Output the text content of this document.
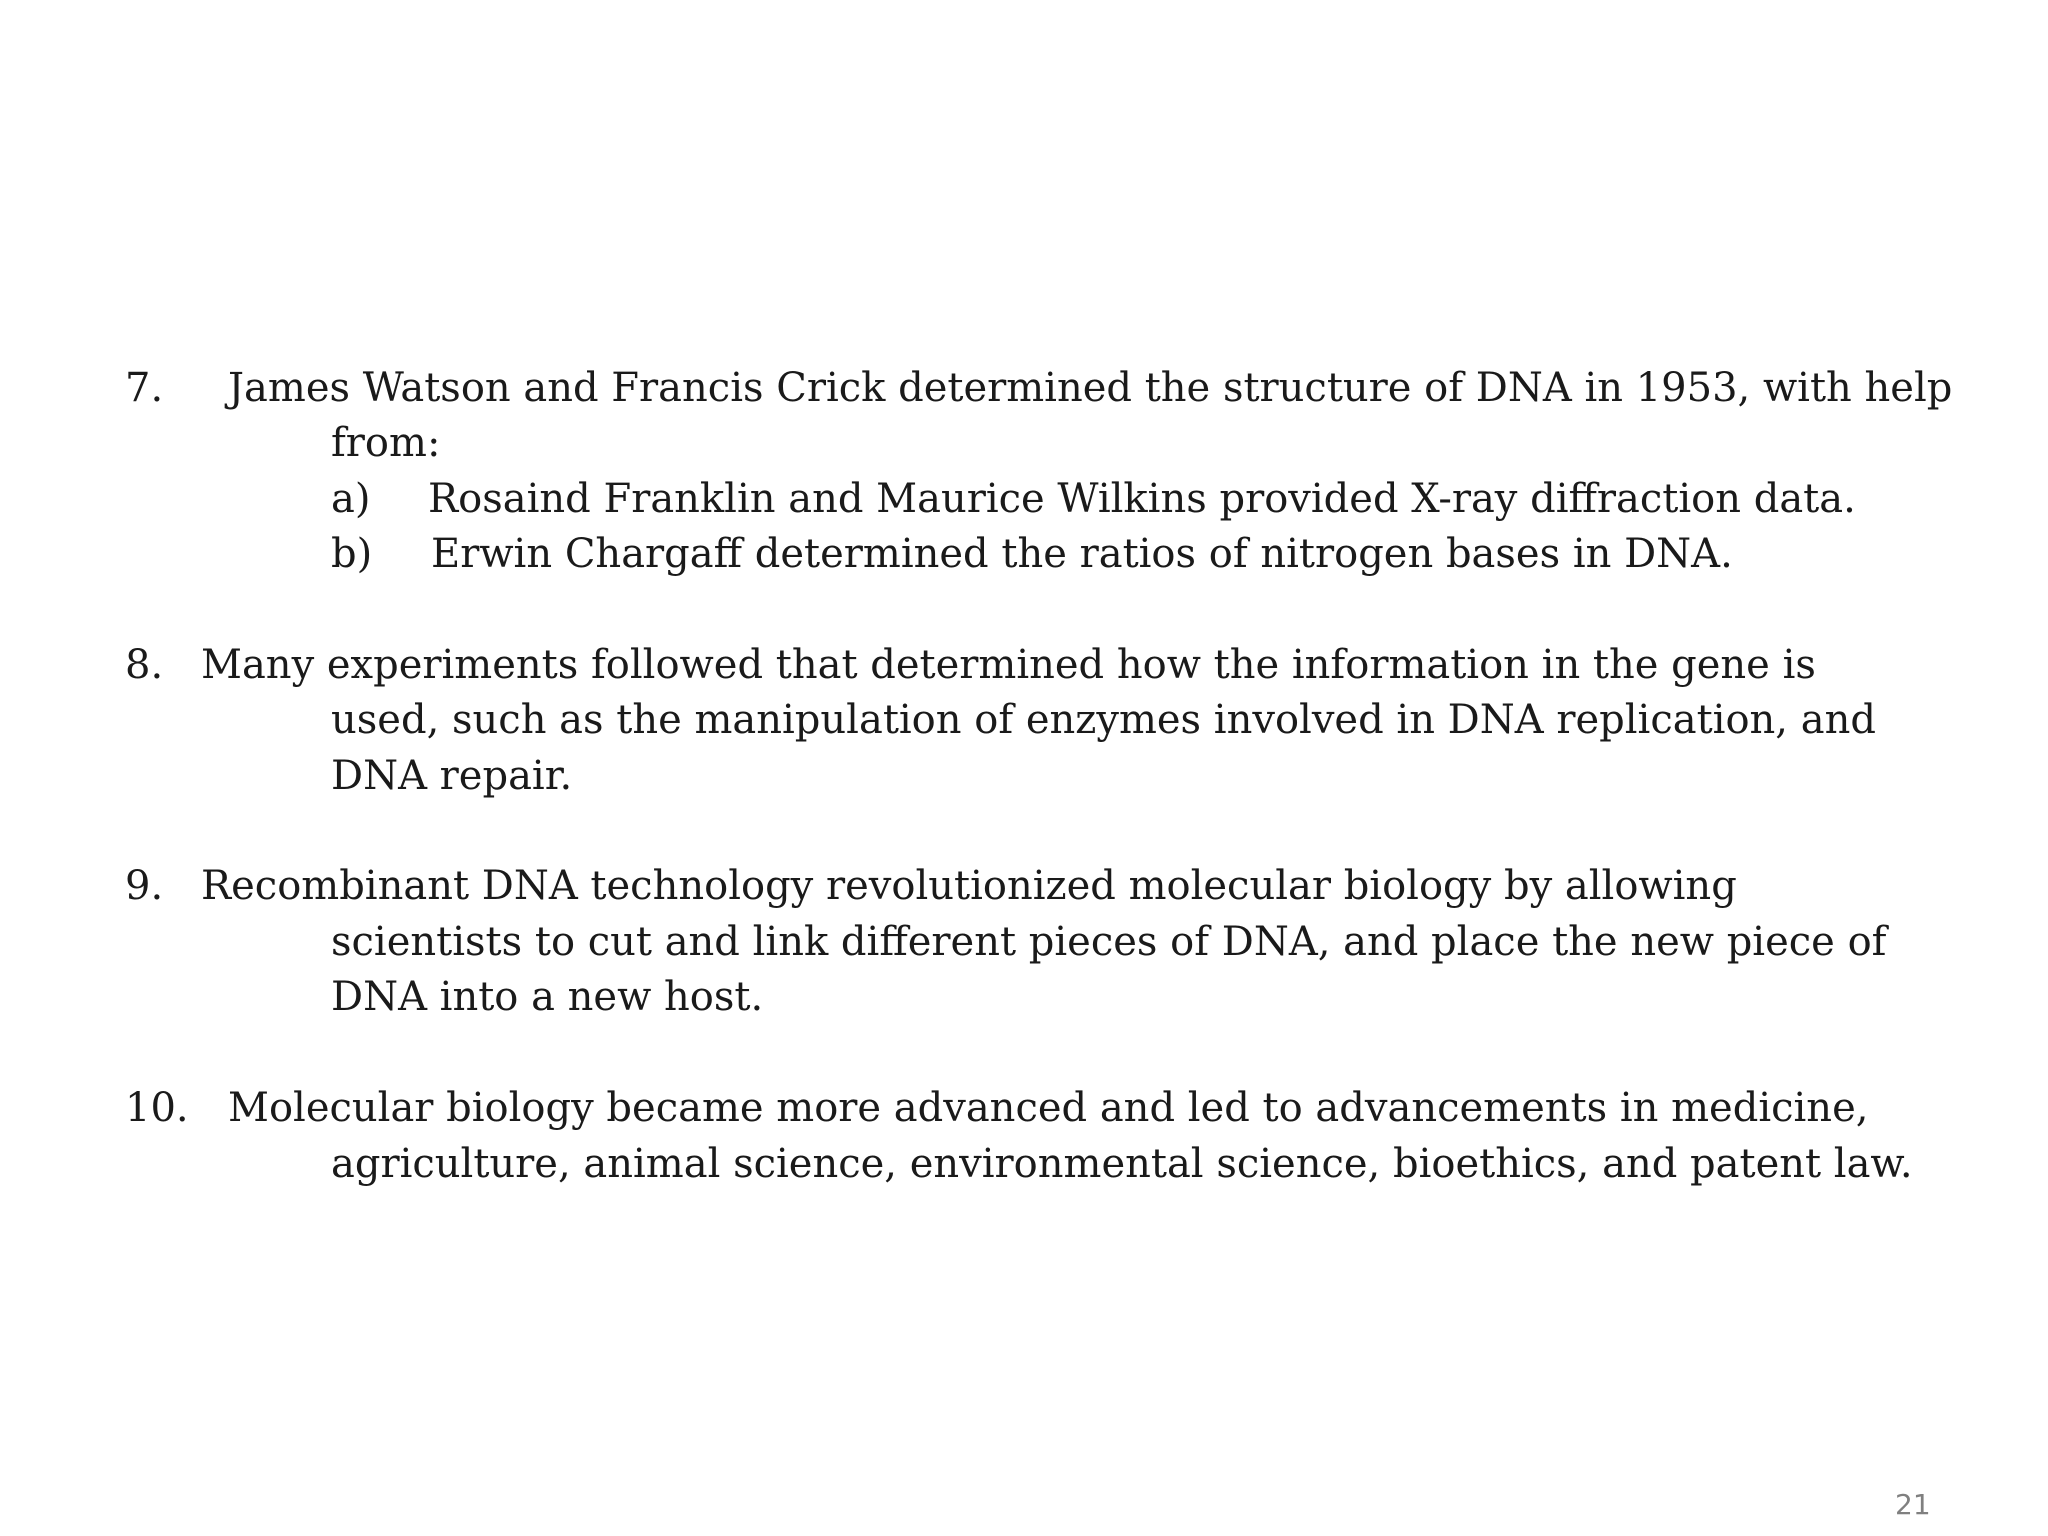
7. James Watson and Francis Crick determined the structure of DNA in 1953, with help
from:
a) Rosaind Franklin and Maurice Wilkins provided X-ray diffraction data.
b) Erwin Chargaff determined the ratios of nitrogen bases in DNA.
8. Many experiments followed that determined how the information in the gene is
used, such as the manipulation of enzymes involved in DNA replication, and
DNA repair.
9. Recombinant DNA technology revolutionized molecular biology by allowing
scientists to cut and link different pieces of DNA, and place the new piece of
DNA into a new host.
10. Molecular biology became more advanced and led to advancements in medicine,
agriculture, animal science, environmental science, bioethics, and patent law.
21
